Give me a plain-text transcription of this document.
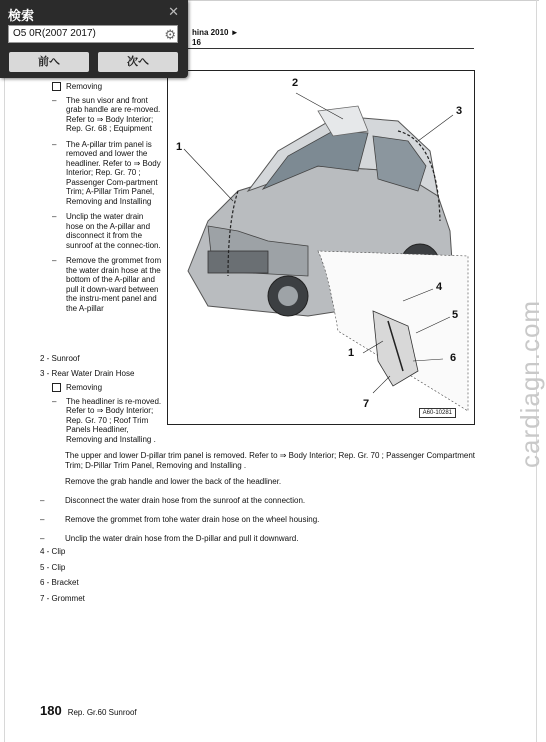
hina 2010 ►
16
cardiagn.com
Removing
–	The sun visor and front grab handle are re-moved. Refer to ⇒ Body Interior; Rep. Gr. 68 ; Equipment
–	The A-pillar trim panel is removed and lower the headliner. Refer to ⇒ Body Interior; Rep. Gr. 70 ; Passenger Com-partment Trim; A-Pillar Trim Panel, Removing and Installing
–	Unclip the water drain hose on the A-pillar and disconnect it from the sunroof at the connec-tion.
–	Remove the grommet from the water drain hose at the bottom of the A-pillar and pull it down-ward between the instru-ment panel and the A-pillar
2 - Sunroof
3 - Rear Water Drain Hose
Removing
–	The headliner is re-moved. Refer to ⇒ Body Interior; Rep. Gr. 70 ; Roof Trim Panels Headliner, Removing and Installing .
1
2
3
4
5
6
7
1
A60-10281
The upper and lower D-pillar trim panel is removed. Refer to ⇒ Body Interior; Rep. Gr. 70 ; Passenger Compartment Trim; D-Pillar Trim Panel, Removing and Installing .
Remove the grab handle and lower the back of the headliner.
–	Disconnect the water drain hose from the sunroof at the connection.
–	Remove the grommet from tohe water drain hose on the wheel housing.
–	Unclip the water drain hose from the D-pillar and pull it downward.
4 - Clip
5 - Clip
6 - Bracket
7 - Grommet
180 Rep. Gr.60 Sunroof
検索	✕
O5 0R(2007 2017)
⚙
前へ	次へ
